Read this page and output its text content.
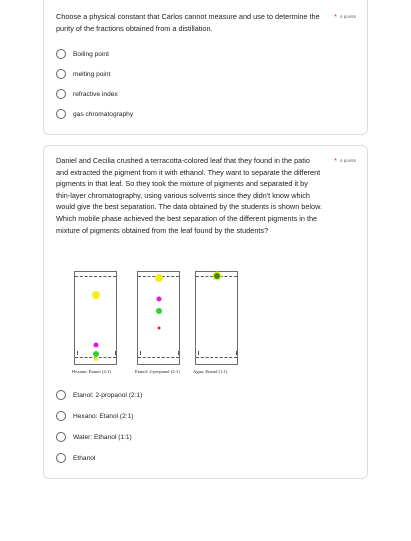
Choose a physical constant that Carlos cannot measure and use to determine the purity of the fractions obtained from a distillation.
* 4 points
Boiling point
melting point
refractive index
gas chromatography
Daniel and Cecilia crushed a terracotta-colored leaf that they found in the patio and extracted the pigment from it with ethanol. They want to separate the different pigments in that leaf. So they took the mixture of pigments and separated it by thin-layer chromatography, using various solvents since they didn't know which would give the best separation. The data obtained by the students is shown below. Which mobile phase achieved the best separation of the different pigments in the mixture of pigments obtained from the leaf found by the students?
* 4 points
Hexano: Etanol (2:1)	Etanol: 2-propanol (2:1)	Agua: Etanol (1:1)
Etanol: 2-propanol (2:1)
Hexano: Etanol (2:1)
Water: Ethanol (1:1)
Ethanol
